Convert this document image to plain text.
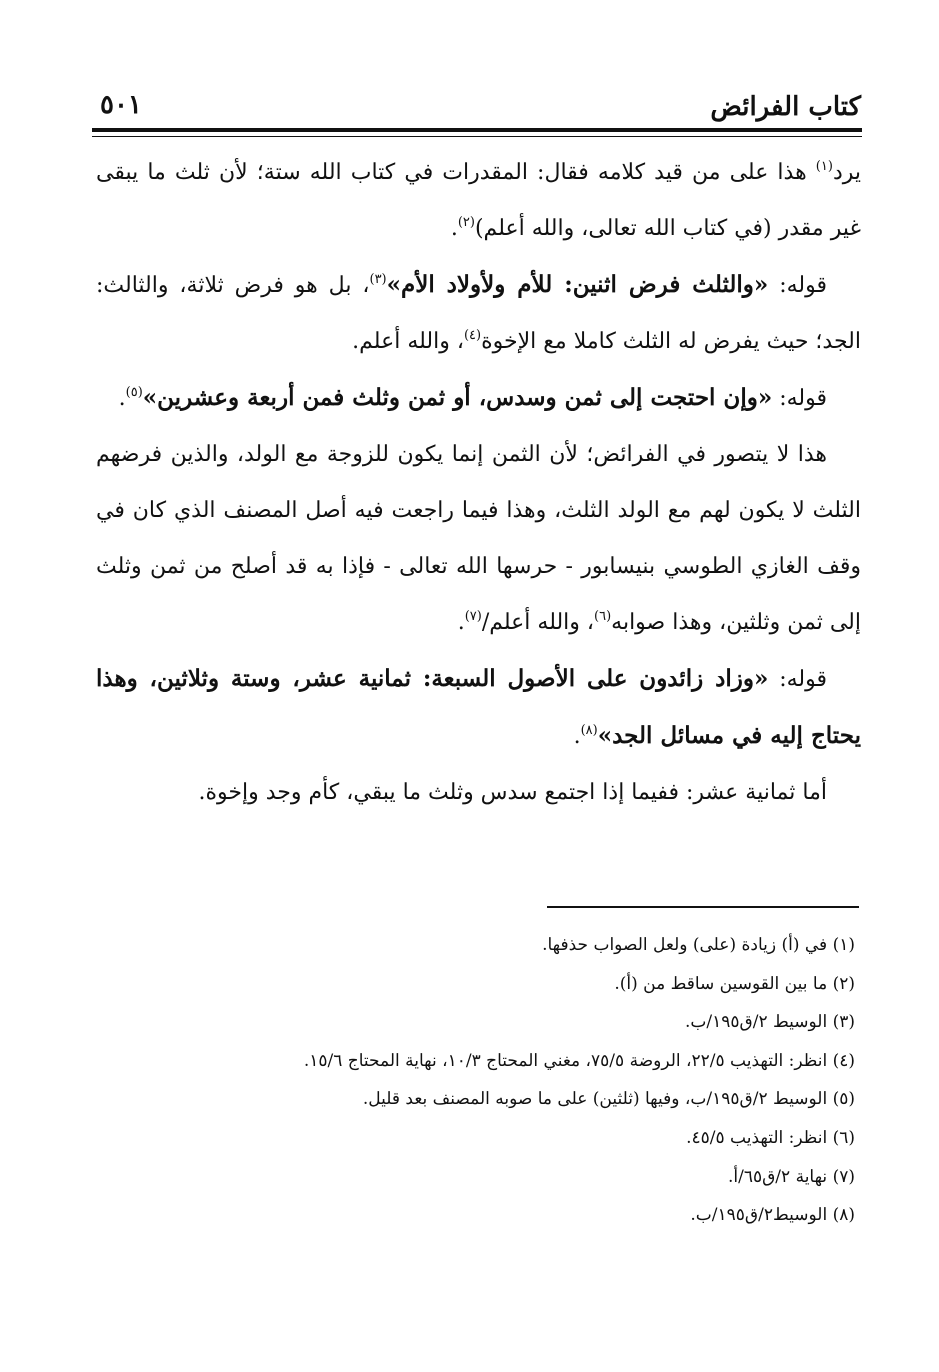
كتاب الفرائض
٥٠١

يرد$^{(١)}$ هذا على من قيد كلامه فقال: المقدرات في كتاب الله ستة؛ لأن ثلث ما يبقى غير مقدر (في كتاب الله تعالى، والله أعلم)$^{(٢)}$.

قوله: «والثلث فرض اثنين: للأم ولأولاد الأم»$^{(٣)}$، بل هو فرض ثلاثة، والثالث: الجد؛ حيث يفرض له الثلث كاملا مع الإخوة$^{(٤)}$، والله أعلم.

قوله: «وإن احتجت إلى ثمن وسدس، أو ثمن وثلث فمن أربعة وعشرين»$^{(٥)}$.

هذا لا يتصور في الفرائض؛ لأن الثمن إنما يكون للزوجة مع الولد، والذين فرضهم الثلث لا يكون لهم مع الولد الثلث، وهذا فيما راجعت فيه أصل المصنف الذي كان في وقف الغازي الطوسي بنيسابور - حرسها الله تعالى - فإذا به قد أصلح من ثمن وثلث إلى ثمن وثلثين، وهذا صوابه$^{(٦)}$، والله أعلم/$^{(٧)}$.

قوله: «وزاد زائدون على الأصول السبعة: ثمانية عشر، وستة وثلاثين، وهذا يحتاج إليه في مسائل الجد»$^{(٨)}$.

أما ثمانية عشر: ففيما إذا اجتمع سدس وثلث ما يبقي، كأم وجد وإخوة.

(١) في (أ) زيادة (على) ولعل الصواب حذفها.

(٢) ما بين القوسين ساقط من (أ).

(٣) الوسيط ٢/ق١٩٥/ب.

(٤) انظر: التهذيب ٢٢/٥، الروضة ٧٥/٥، مغني المحتاج ١٠/٣، نهاية المحتاج ١٥/٦.

(٥) الوسيط ٢/ق١٩٥/ب، وفيها (ثلثين) على ما صوبه المصنف بعد قليل.

(٦) انظر: التهذيب ٤٥/٥.

(٧) نهاية ٢/ق٦٥/أ.

(٨) الوسيط٢/ق١٩٥/ب.
